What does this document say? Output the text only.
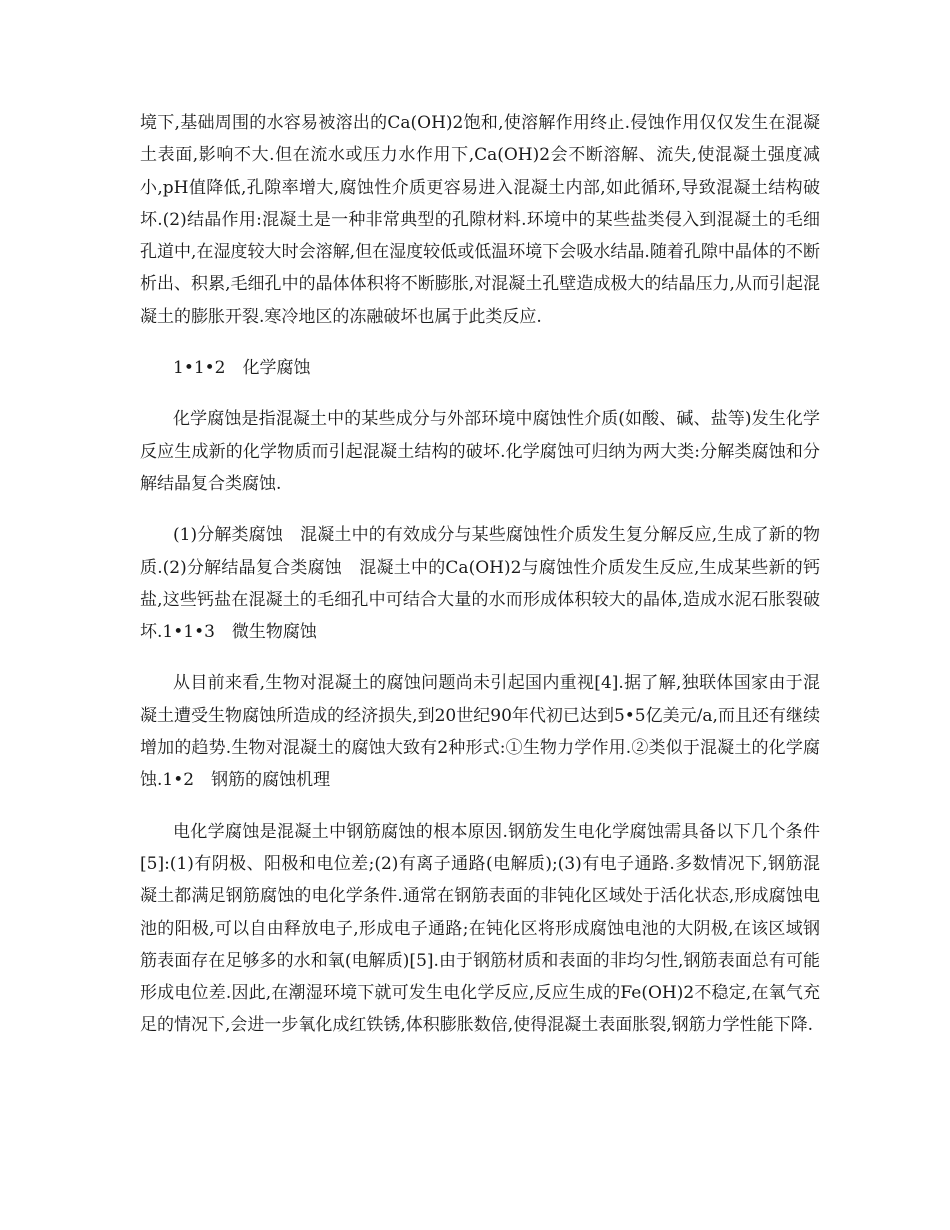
境下,基础周围的水容易被溶出的Ca(OH)2饱和,使溶解作用终止.侵蚀作用仅仅发生在混凝土表面,影响不大.但在流水或压力水作用下,Ca(OH)2会不断溶解、流失,使混凝土强度减小,pH值降低,孔隙率增大,腐蚀性介质更容易进入混凝土内部,如此循环,导致混凝土结构破坏.(2)结晶作用:混凝土是一种非常典型的孔隙材料.环境中的某些盐类侵入到混凝土的毛细孔道中,在湿度较大时会溶解,但在湿度较低或低温环境下会吸水结晶.随着孔隙中晶体的不断析出、积累,毛细孔中的晶体体积将不断膨胀,对混凝土孔壁造成极大的结晶压力,从而引起混凝土的膨胀开裂.寒冷地区的冻融破坏也属于此类反应.

1•1•2　化学腐蚀

化学腐蚀是指混凝土中的某些成分与外部环境中腐蚀性介质(如酸、碱、盐等)发生化学反应生成新的化学物质而引起混凝土结构的破坏.化学腐蚀可归纳为两大类:分解类腐蚀和分解结晶复合类腐蚀.

(1)分解类腐蚀　混凝土中的有效成分与某些腐蚀性介质发生复分解反应,生成了新的物质.(2)分解结晶复合类腐蚀　混凝土中的Ca(OH)2与腐蚀性介质发生反应,生成某些新的钙盐,这些钙盐在混凝土的毛细孔中可结合大量的水而形成体积较大的晶体,造成水泥石胀裂破坏.1•1•3　微生物腐蚀

从目前来看,生物对混凝土的腐蚀问题尚未引起国内重视[4].据了解,独联体国家由于混凝土遭受生物腐蚀所造成的经济损失,到20世纪90年代初已达到5•5亿美元/a,而且还有继续增加的趋势.生物对混凝土的腐蚀大致有2种形式:①生物力学作用.②类似于混凝土的化学腐蚀.1•2　钢筋的腐蚀机理

电化学腐蚀是混凝土中钢筋腐蚀的根本原因.钢筋发生电化学腐蚀需具备以下几个条件[5]:(1)有阴极、阳极和电位差;(2)有离子通路(电解质);(3)有电子通路.多数情况下,钢筋混凝土都满足钢筋腐蚀的电化学条件.通常在钢筋表面的非钝化区域处于活化状态,形成腐蚀电池的阳极,可以自由释放电子,形成电子通路;在钝化区将形成腐蚀电池的大阴极,在该区域钢筋表面存在足够多的水和氧(电解质)[5].由于钢筋材质和表面的非均匀性,钢筋表面总有可能形成电位差.因此,在潮湿环境下就可发生电化学反应,反应生成的Fe(OH)2不稳定,在氧气充足的情况下,会进一步氧化成红铁锈,体积膨胀数倍,使得混凝土表面胀裂,钢筋力学性能下降.
